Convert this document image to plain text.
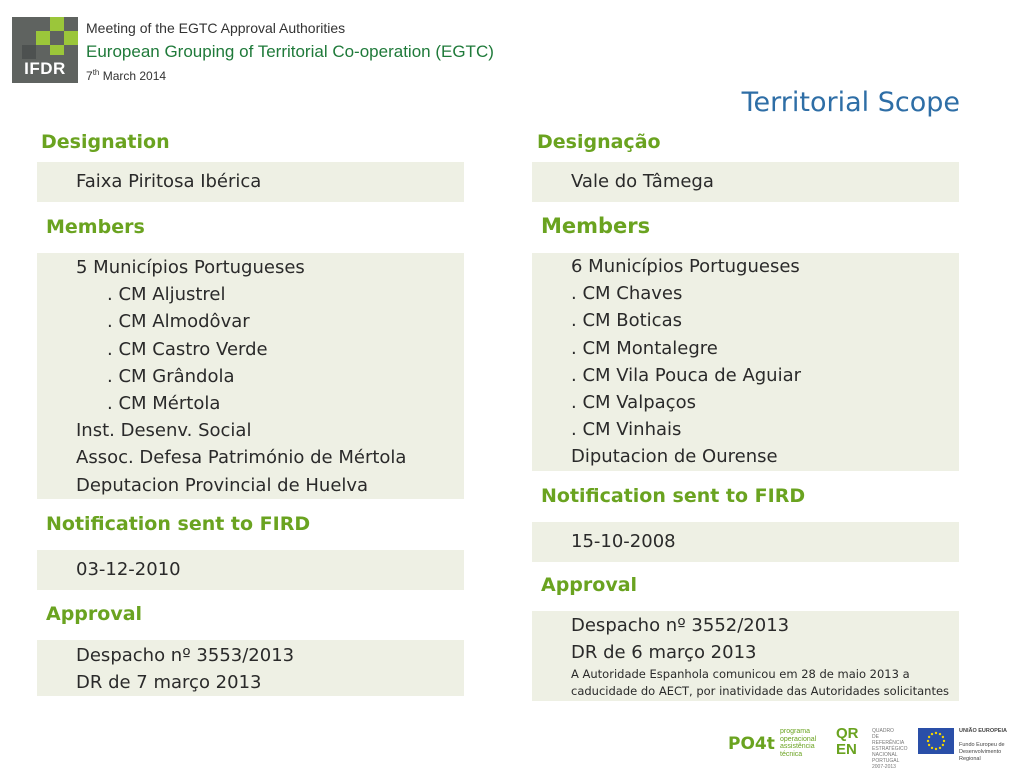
IFDR
Meeting of the EGTC Approval Authorities
European Grouping of Territorial Co-operation (EGTC)
7th March 2014
Territorial Scope
Designation
Faixa Piritosa Ibérica
Members
5 Municípios Portugueses
. CM Aljustrel
. CM Almodôvar
. CM Castro Verde
. CM Grândola
. CM Mértola
Inst. Desenv. Social
Assoc. Defesa Património de Mértola
Deputacion Provincial de Huelva
Notification sent to FIRD
03-12-2010
Approval
Despacho nº 3553/2013
DR de 7 março 2013
Designação
Vale do Tâmega
Members
6 Municípios Portugueses
. CM Chaves
. CM Boticas
. CM Montalegre
. CM Vila Pouca de Aguiar
. CM Valpaços
. CM Vinhais
Diputacion de Ourense
Notification sent to FIRD
15-10-2008
Approval
Despacho nº 3552/2013
DR de 6 março 2013
A Autoridade Espanhola comunicou em 28 de maio 2013 a
caducidade do AECT, por inatividade das Autoridades solicitantes
PO4t
programa
operacional
assistência
técnica
QR
EN
QUADRO
DE REFERÊNCIA
ESTRATÉGICO
NACIONAL
PORTUGAL 2007-2013
UNIÃO EUROPEIA
Fundo Europeu de
Desenvolvimento Regional
